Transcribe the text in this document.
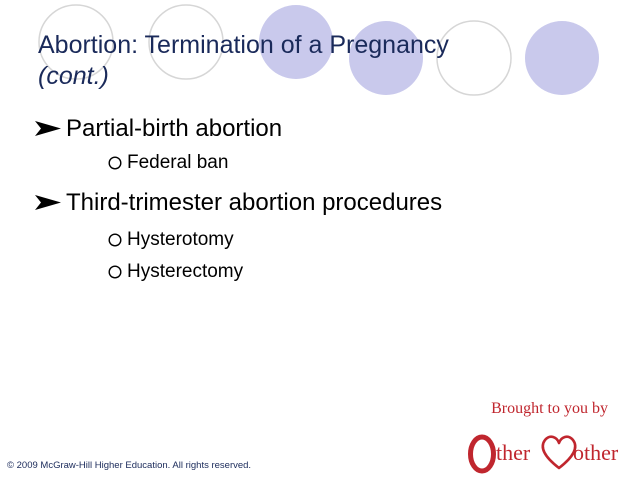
Abortion: Termination of a Pregnancy
(cont.)
Partial-birth abortion
Federal ban
Third-trimester abortion procedures
Hysterotomy
Hysterectomy
Brought to you by
ther other
© 2009 McGraw-Hill Higher Education. All rights reserved.
